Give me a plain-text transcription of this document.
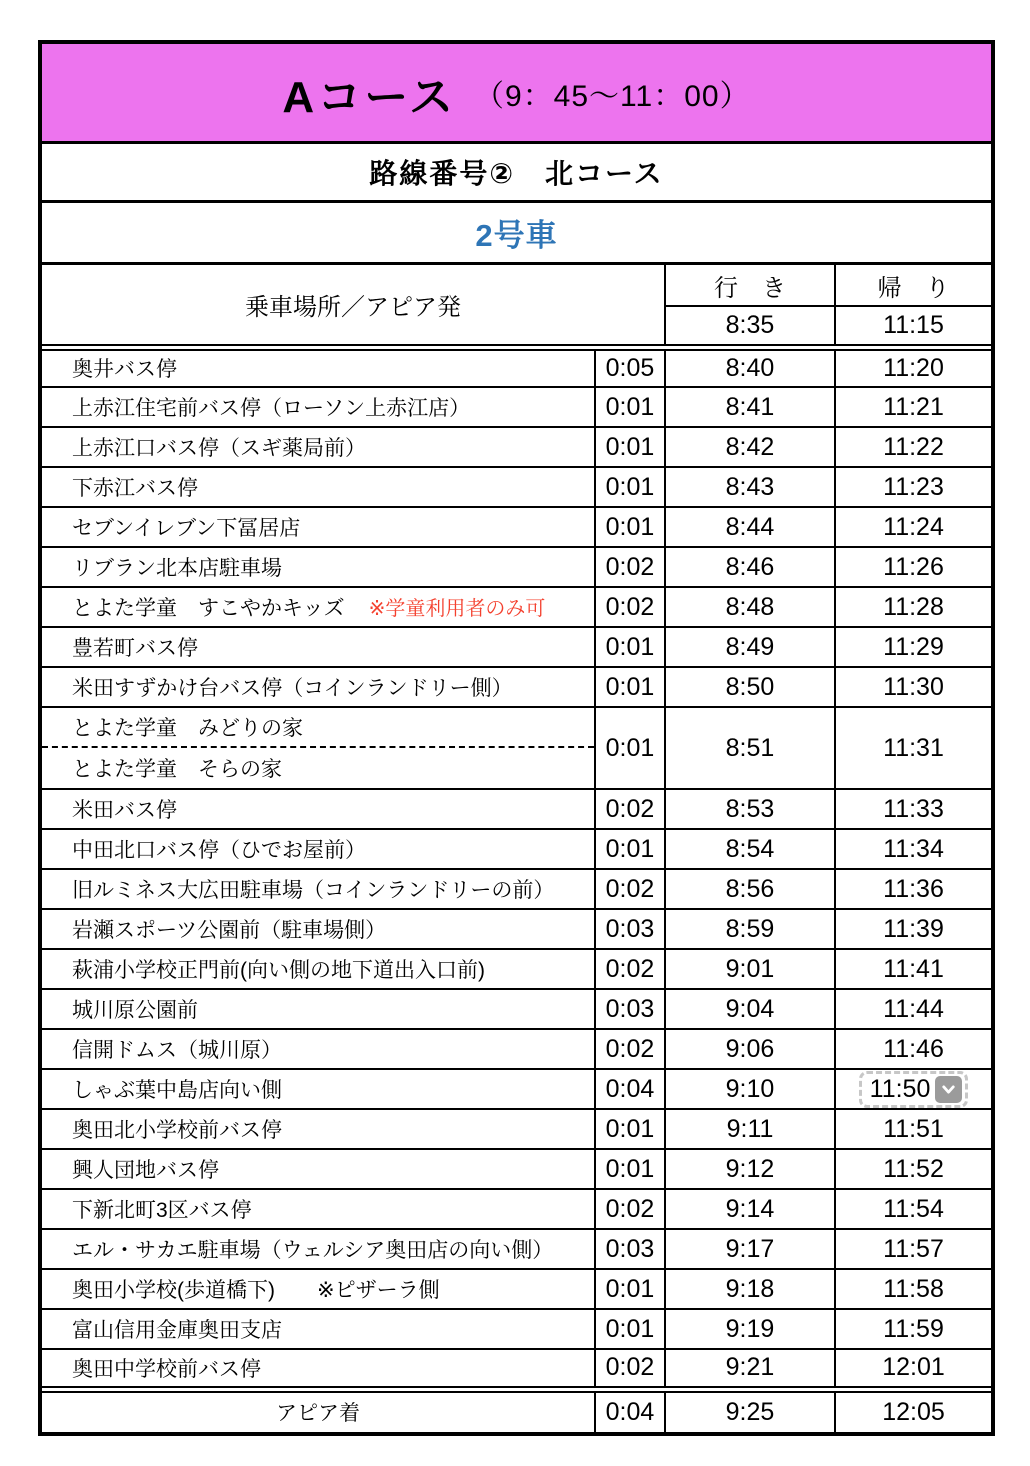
Aコース （9：45～11：00）
路線番号②　北コース
2号車
乗車場所／アピア発		行　き	帰　り
		8:35	11:15
奥井バス停	0:05	8:40	11:20
上赤江住宅前バス停（ローソン上赤江店）	0:01	8:41	11:21
上赤江口バス停（スギ薬局前）	0:01	8:42	11:22
下赤江バス停	0:01	8:43	11:23
セブンイレブン下冨居店	0:01	8:44	11:24
リブラン北本店駐車場	0:02	8:46	11:26
とよた学童　すこやかキッズ ※学童利用者のみ可	0:02	8:48	11:28
豊若町バス停	0:01	8:49	11:29
米田すずかけ台バス停（コインランドリー側）	0:01	8:50	11:30

とよた学童　みどりの家
とよた学童　そらの家	0:01	8:51	11:31
米田バス停	0:02	8:53	11:33
中田北口バス停（ひでお屋前）	0:01	8:54	11:34
旧ルミネス大広田駐車場（コインランドリーの前）	0:02	8:56	11:36
岩瀬スポーツ公園前（駐車場側）	0:03	8:59	11:39
萩浦小学校正門前(向い側の地下道出入口前)	0:02	9:01	11:41
城川原公園前	0:03	9:04	11:44
信開ドムス（城川原）	0:02	9:06	11:46
しゃぶ葉中島店向い側	0:04	9:10	11:50

奥田北小学校前バス停	0:01	9:11	11:51
興人団地バス停	0:01	9:12	11:52
下新北町3区バス停	0:02	9:14	11:54
エル・サカエ駐車場（ウェルシア奥田店の向い側）	0:03	9:17	11:57
奥田小学校(歩道橋下)　　※ピザーラ側	0:01	9:18	11:58
富山信用金庫奥田支店	0:01	9:19	11:59
奥田中学校前バス停	0:02	9:21	12:01
アピア着	0:04	9:25	12:05
